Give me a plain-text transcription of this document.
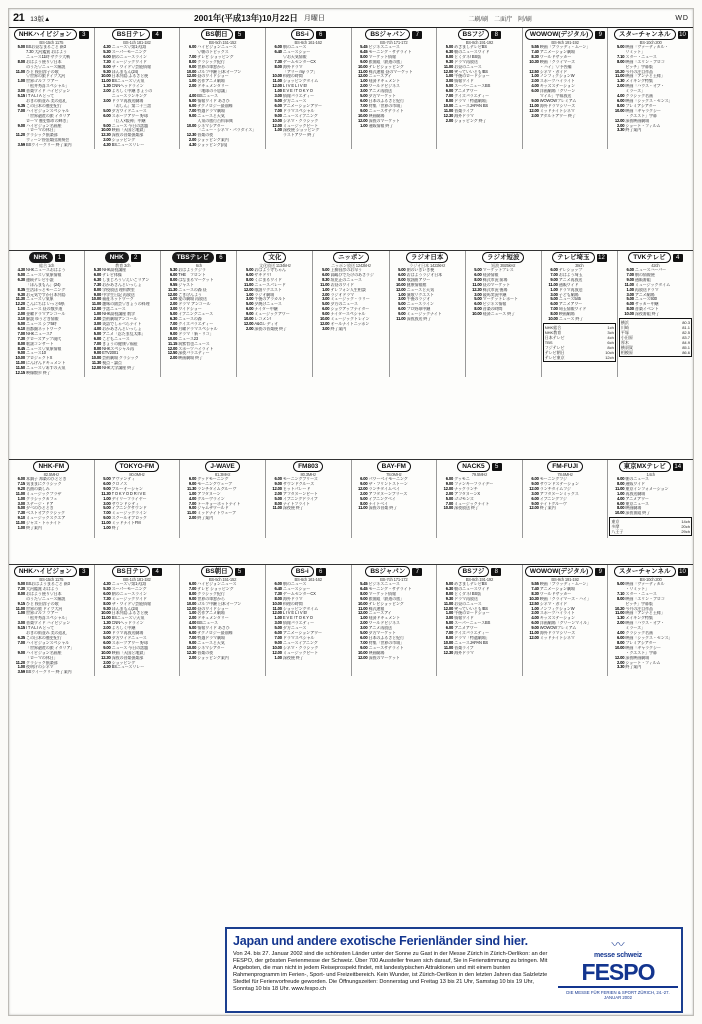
21 13版▲	2001年(平成13年)10月22日 月曜日	二刷/刷 二面庁 阿/刷	WD
NHKハイビジョン	3
BS-15ch 1175
5.00 BSお昼なまるごと 新3
7.30 大河鑑賞 おはよう
ニュース11時 サクラ大戦
8.00 おはよう便り▽日本
のうた▽ニュース解説
11.00 ひと 桜田淳子の歌
▽世界の旅ドイツ大河
1.00 世界ゴルフ ツアー
「松井秀喜スペシャル」
3.00 音楽ワイド ハイビジョン
5.15 I T A L I A とって
おきの街並み 美の巡礼
6.35 この日本の歴史紀行
7.00 ハイビジョンスペシャル
「世界遺産の旅 イタリア
ローマ 歴史都市の輝き」
9.00 ハイビジョン名画座
「ローマの休日」
11.20 クラシック倶楽部
ウィーン管弦楽団演奏会
3.59 BSウイークリー 終了案内
BS日テレ	4
BS-1ch 181-182
4.30 ニュース▽第1火(3)
5.30 スーパーモーニング
6.00 朝のニュースライン
7.30 ミュージックワイド
8.00 ザ・ワイド▽芸能情報
9.30 ほんまもん(24)
10.00 日本列島 ふるさと便
11.00 BSニュース▽天気
1.30 CNNヘッドライン
2.00 よろしく中継 きょうの
ニュースランキング
3.00 ドラマ再放送劇場
「おしん」第二十三話
5.00 夕方ワイドニュース
6.00 スポーツアワー 野球
「巨人×阪神」中継
9.00 ニュース 今日の話題
10.00 映画「天国と地獄」
12.30 深夜の音楽倶楽部
2.00 ショッピング
4.30 BSニュースリレー
BS朝日	5
BS-5ch 151-152
6.00 ハイビジョンニュース
▽朝のトピックス
7.00 テレビ ショッピング
8.00 クラシック紀行
9.00 世界の車窓から
10.00 ゴルフ中継 日本オープン
12.00 昼のワイドショー
1.00 名作アニメ劇場
2.00 ドキュメンタリー
「地球の不思議」
4.00 BSニュース
5.00 情報ワイド あさひ
6.00 テクノロジー最前線
7.00 特選ドラマ劇場
9.00 ニュースと天気
人気の旅行百科事典
10.00 シネマシアター
「ニュー・シネマ・パラダイス」
12.30 音楽の夜
2.00 ショッピング案内
4.30 ショッピング(再)
BS-i	6
BS-6ch 161-162
6.00 朝のニュース
6.40 ニュースショー
▽お天気情報
7.30 ゲームセンターCX
8.00 海外ドラマ
「アリー my ラブ」
10.00 料理の時間
11.00 ショッピングタイム
12.00 L I V E L I V E!
1.00 E V E ! T O K Y O
3.00 情報バラエティー
5.00 夕方ニュース
6.00 アニメーションアワー
7.00 ドラマスペシャル
9.00 ニュースイブニング
10.00 シネマ・クラシック
12.00 ミュージックビート
1.00 深夜便 ショッピング
ラストアワー 終了
BSジャパン	7
BS-7ch 171-172
5.45 ビジネスニュース
6.45 モーニング・サテライト
8.00 マーケット情報
9.00 旅番組「鉄道の旅」
10.00 テレビショッピング
11.00 株式速報 昼のマーケット
12.00 ニュースアイ
1.00 経済ドキュメント
2.00 ワールドビジネス
3.00 アニメ再放送
5.00 夕方マーケット
6.00 日本のふるさと紀行
7.00 特集「世界の市場」
9.00 ニュースサテライト
10.00 映画劇場
12.00 深夜のマーケット
1.00 通販情報 終了
BSフジ	8
BS-8ch 191-192
5.00 めざましテレビBS
6.30 朝のニュースワイド
8.00 とくダネ! BS版
9.30 ドラマ再放送
11.00 お昼のニュース
12.00 笑っていいとも!BS
1.00 午後のロードショー
3.00 情報ワイド
5.00 スーパーニュースBS
6.00 アニメアワー
7.00 クイズバラエティー
8.00 ドラマ「特選劇場」
10.00 ニュースJAPAN BS
11.00 音楽ライブ
12.30 海外ドラマ
2.00 ショッピング 終了
WOWOW(デジタル)	9
BS-9ch 191-192
5.55 映画「ブラッディ・ムーン」
7.40 アニメーション劇場
8.30 ワールドサッカー
10.30 映画「クライマーズ
・ハイ」▽予告編
12.50 シネマ・ガイド
1.00 ノンフィクションW
2.00 スポーツハイライト
4.00 キッズステーション
6.00 洋画劇場「グリーン
マイル」字幕放送
9.00 WOWOWプレミアム
11.00 海外ドラマシリーズ
12.00 ミッドナイトシネマ
2.00 アダルトアワー 終了
スターチャンネル	10
BS-10ch 200
5.00 映画「ヴァーティカル・
リミット」
7.10 スター・ニュース
8.00 映画「エリン・ブロコ
ビッチ」字幕版
10.20 今月の注目作品
11.00 映画「アンナと王様」
1.30 メイキング特集
2.00 映画「ハウス・オブ・
ミラーズ」
4.00 クラシック名画
6.00 映画「シックス・センス」
8.00 プレミアシアター
10.00 映画「ギャラクシー
・クエスト」字幕
12.00 深夜映画劇場
2.00 ショート・フィルム
3.30 終了案内
NHK	1
総合 1ch
4.30 NHKニュースおはよう
5.00 ニュース▽気象情報
6.30 連続テレビ小説
「ほんまもん」(24)
8.35 生活ほっとモーニング
9.30 お元気ですか日本列島
11.30 ニュース▽気象
12.20 こんにちは いっと6県
1.00 ニュース 昼の散歩道
2.00 金曜ドラマアンコール
3.10 解説 ゆうどき情報
5.00 ニュース シブ5時
6.10 首都圏ネットワーク
7.00 NHKニュース7
7.30 クローズアップ現代
8.00 歌謡コンサート
8.45 ニュース▽気象情報
9.00 ニュース10
10.00 プロジェクトX
11.00 にんげんドキュメント
11.50 ニュース▽あすの天気
12.15 映像散歩 終了
NHK	2
教育 3ch
5.30 NHK高校講座
6.00 テレビ体操
6.30 しまじろう▽えいごリアン
7.30 おかあさんといっしょ
8.00 学校放送 理科教室
9.00 中学生日記 再放送
10.00 福祉ネットワーク
11.00 趣味の園芸▽きょうの料理
12.00 手話ニュース
1.00 NHK高校講座 数学
2.00 芸術劇場アンコール
3.00 英語でしゃべらナイト
4.00 おかあさんといっしょ
5.00 アニメ「忍たま乱太郎」
6.00 こどもニュース
7.00 きょうの健康▽福祉
8.00 NHKスペシャル再
9.00 ETV2001
10.00 芸術劇場 クラシック
11.30 視点・論点
12.00 NHK大学講座 終了
TBSテレビ	6
6ch
5.30 おはようクジラ
6.00 THE　フロント
8.00 はなまるマーケット
9.55 ジャスト
11.30 ニュースの森 昼
12.00 ごきげんよう
1.00 愛の劇場 再放送
2.00 ドラマ アンコール
3.00 ワイドショー
5.00 イブニングニュース
6.30 ニュースの森
7.00 クイズバラエティー
8.00 月曜ドラマスペシャル
9.00 ドラマ「新・リコ」
10.00 ニュース23
11.15 筑紫哲也ニュース
12.00 スポーツハイライト
12.50 深夜バラエティー
2.00 映画劇場 終了
文化
文化放送 1134kHz
5.00 おはよう寺ちゃん
6.00 サキドリ!
8.00 くにまるワイド
11.00 ニュースパレード
12.00 歌謡リクエスト
1.00 ラジオ劇場
3.00 午後のアラカルト
5.00 夕焼けニュース
6.00 ナイター中継
9.00 ミュージックアワー
10.00 レコメン!
12.00 A&Gレディオ
2.00 深夜の音楽便 終了
ニッポン
ニッポン放送 1242kHz
5.00 上柳昌彦のお早う
6.00 高嶋ひでたけのあさラジ
8.30 垣花正のニュース
11.00 お昼のワイド
1.00 テレフォン人生相談
2.00 ラジオドラマ
3.00 ミュージック・ラリー
5.00 夕方のニュース
6.00 ショウアップナイター
9.00 ナイタースペシャル
10.00 ミュージックトレイン
12.00 オールナイトニッポン
3.00 終了案内
ラジオ日本
ラジオ日本 1422kHz
5.00 朝のいきいき便
6.00 おはようラジオ日本
8.00 歌謡曲アワー
10.00 健康情報館
12.00 ニュースと天気
1.00 演歌リクエスト
3.00 午後のラジオ
5.00 ニュースライン
6.00 プロ野球中継
9.00 ミュージックナイト
11.00 深夜放送 終了
ラジオ短波
短波 3925kHz
5.00 マーケットプレス
6.00 経済情報
8.00 株式市況 前場
11.00 昼のマーケット
12.30 株式市況 後場
3.00 競馬実況中継
5.00 マーケットレポート
6.00 ビジネス情報
8.00 音楽の時間
10.00 経済ニュース 終了
テレビ埼玉	12
38ch
6.00 テレショップ
7.00 おはよう埼玉
9.00 アニメ再放送
11.00 通販ワイド
1.00 ドラマ再放送
3.00 子ども劇場
5.00 ニュース545
6.00 アニメアワー
7.00 埼玉情報ワイド
8.00 映画劇場
10.00 ニュース 終了
NHK総合	1ch
NHK教育	3ch
日本テレビ	4ch
TBS	6ch
フジテレビ	8ch
テレビ朝日	10ch
テレビ東京	12ch
TVKテレビ	4
42ch
6.00 ニュースハーバー
7.00 朝の情報便
9.00 通販番組
11.00 ミュージックタイム
1.00 再放送ドラマ
3.00 アニメ劇場
5.00 ニュース930
6.00 サッカー中継
8.00 音楽イベント
10.00 深夜番組 終了
横浜	80.3
川崎	81.1
平塚	82.5
小田原	83.7
厚木	84.9
横須賀	85.1
相模原	86.6
NHK-FM
82.5MHz
6.00 本調子 邦楽のひととき
7.15 気ままにクラシック
9.20 名曲の楽しみ
11.00 ミュージックプラザ
1.00 クラシックカフェ
3.00 ステージ・ドア
5.00 夕べのひととき
7.30 ベストオブクラシック
9.10 ミュージックスクエア
11.00 ジャズ・トゥナイト
1.00 終了案内
TOKYO-FM
80.0MHz
5.00 アヴァンティ
6.00 クロノス
9.00 ブルーオーシャン
11.30 T O K Y O D R I V E
1.00 デイリーフライヤー
3.00 サウンドシティ
5.00 イブニングサウンド
7.00 ミュージックライン
9.00 スクールオブロック
11.00 ミッドナイトFM
1.00 終了
J-WAVE
81.3MHz
6.00 グッドモーニング
9.00 モーニングウェーブ
11.30 ランチタイムグルーヴ
1.00 アフタヌーン
4.00 グルーヴライン
7.00 トーキョーホットナイト
9.00 ジャムザワールド
11.00 ミッドナイトウェーブ
2.00 終了案内
FM803
80.3MHz
6.00 モーニングブリーズ
9.00 サウンドクルーズ
12.00 ヒットパレード
2.00 アフタヌーンビート
5.00 イブニングドライブ
8.00 ナイトフライト
11.00 深夜便 終了
BAY-FM
78.0MHz
6.00 パワーベイモーニング
9.00 ザ・フリントストーン
12.00 ランチタイムベイ
2.00 アフタヌーンブリーズ
5.00 イブニングベイ
8.00 ナイトベイ
11.00 深夜の音楽 終了
NACK5	5
79.5MHz
6.00 グッモニ
9.00 ファンキーフライデー
12.00 ナックランチ
2.00 アフタヌーンX
5.00 ゴゴモンズ
7.00 ミュージックナイト
10.00 深夜放送 終了
FM-FUJI
78.6MHz
6.00 モーニングフジ
9.00 サウンドステーション
12.00 ランチタイムフジ
3.00 アフタヌーンミックス
6.00 イブニングフジ
9.00 ナイトグルーヴ
12.00 終了案内
東京MXテレビ	14
14ch
6.00 朝のニュース
8.00 通販ワイド
11.00 東京インフォメーション
1.00 再放送劇場
4.00 アニメアワー
6.00 東京ニュース
8.00 映画劇場
10.00 深夜番組 終了
東京	14ch
多摩	20ch
八王子	29ch
NHKハイビジョン	3
BS-15ch 1175
5.00 BSおはようまるごと 新3
7.30 大河鑑賞 おはよう
8.00 おはよう便り▽日本
のうた▽ニュース解説
9.15 ひと 桜田淳子の歌
11.00 世界の旅 ドイツ大河
1.00 世界ゴルフ ツアー
「松井秀喜スペシャル」
3.00 音楽ワイド ハイビジョン
5.15 I T A L I A とって
おきの街並み 美の巡礼
6.35 この日本の歴史紀行
7.00 ハイビジョンスペシャル
「世界遺産の旅 イタリア」
9.00 ハイビジョン名画座
「ローマの休日」
11.20 クラシック倶楽部
1.00 夜明けのシネマ
3.59 BSウイークリー 終了案内
BS日テレ	4
BS-1ch 181-182
4.30 ニュース▽第1火(3)
5.30 スーパーモーニング
6.00 朝のニュースライン
7.30 ミュージックワイド
8.00 ザ・ワイド▽芸能情報
9.30 ほんまもん(24)
10.00 日本列島 ふるさと便
11.00 BSニュース▽天気
1.30 CNNヘッドライン
2.00 よろしく中継
3.00 ドラマ再放送劇場
5.00 夕方ワイドニュース
6.00 スポーツアワー 野球
9.00 ニュース 今日の話題
10.00 映画「天国と地獄」
12.30 深夜の音楽倶楽部
2.00 ショッピング
4.30 BSニュースリレー
BS朝日	5
BS-5ch 151-152
6.00 ハイビジョンニュース
7.00 テレビ ショッピング
8.00 クラシック紀行
9.00 世界の車窓から
10.00 ゴルフ中継 日本オープン
12.00 昼のワイドショー
1.00 名作アニメ劇場
2.00 ドキュメンタリー
4.00 BSニュース
5.00 情報ワイド あさひ
6.00 テクノロジー最前線
7.00 特選ドラマ劇場
9.00 ニュースと天気
10.00 シネマシアター
12.30 音楽の夜
2.00 ショッピング案内
BS-i	6
BS-6ch 161-162
6.00 朝のニュース
6.40 ニュースショー
7.30 ゲームセンターCX
8.00 海外ドラマ
10.00 料理の時間
11.00 ショッピングタイム
12.00 L I V E L I V E!
1.00 E V E ! T O K Y O
3.00 情報バラエティー
5.00 夕方ニュース
6.00 アニメーションアワー
7.00 ドラマスペシャル
9.00 ニュースイブニング
10.00 シネマ・クラシック
12.00 ミュージックビート
1.00 深夜便 終了
BSジャパン	7
BS-7ch 171-172
5.45 ビジネスニュース
6.45 モーニング・サテライト
8.00 マーケット情報
9.00 旅番組「鉄道の旅」
10.00 テレビショッピング
11.00 株式速報
12.00 ニュースアイ
1.00 経済ドキュメント
2.00 ワールドビジネス
3.00 アニメ再放送
5.00 夕方マーケット
6.00 日本のふるさと紀行
7.00 特集「世界の市場」
9.00 ニュースサテライト
10.00 映画劇場
12.00 深夜のマーケット
BSフジ	8
BS-8ch 191-192
5.00 めざましテレビBS
6.30 朝のニュースワイド
8.00 とくダネ! BS版
9.30 ドラマ再放送
11.00 お昼のニュース
12.00 笑っていいとも!BS
1.00 午後のロードショー
3.00 情報ワイド
5.00 スーパーニュースBS
6.00 アニメアワー
7.00 クイズバラエティー
8.00 ドラマ「特選劇場」
10.00 ニュースJAPAN BS
11.00 音楽ライブ
12.30 海外ドラマ
WOWOW(デジタル)	9
BS-9ch 191-192
5.55 映画「ブラッディ・ムーン」
7.40 アニメーション劇場
8.30 ワールドサッカー
10.30 映画「クライマーズ・ハイ」
12.50 シネマ・ガイド
1.00 ノンフィクションW
2.00 スポーツハイライト
4.00 キッズステーション
6.00 洋画劇場「グリーンマイル」
9.00 WOWOWプレミアム
11.00 海外ドラマシリーズ
12.00 ミッドナイトシネマ
スターチャンネル	10
BS-10ch 200
5.00 映画「ヴァーティカル
・リミット」
7.10 スター・ニュース
8.00 映画「エリン・ブロコ
ビッチ」字幕版
10.20 今月の注目作品
11.00 映画「アンナと王様」
1.30 メイキング特集
2.00 映画「ハウス・オブ・
ミラーズ」
4.00 クラシック名画
6.00 映画「シックス・センス」
8.00 プレミアシアター
10.00 映画「ギャラクシー
・クエスト」字幕
12.00 深夜映画劇場
2.00 ショート・フィルム
3.30 終了案内
Japan und andere exotische Ferienländer sind hier.
Von 24. bis 27. Januar 2002 sind die schönsten Länder unter der Sonne zu Gast in der Messe Zürich in Zürich-Oerlikon: an der FESPO, der grössten Ferienmesse der Schweiz. Über 700 Aussteller freuen sich darauf, Sie in Ferienstimmung zu bringen. Mit Angeboten, die man nicht in jedem Reiseprospekt findet, mit landestypischen Attraktionen und mit einem bunten Rahmenprogramm im Ferien-, Sport- und Freizeitbereich. Kein Wunder, ist Zürich-Oerlikon in den letzten Jahren das Salzletzte Stedtel für Ferienvorfreude geworden. Die Öffnungszeiten: Donnerstag und Freitag 13 bis 21 Uhr, Samstag 10 bis 19 Uhr, Sonntag 10 bis 18 Uhr. www.fespo.ch
〰
messe schweiz
FESPO
DIE MESSE FÜR FERIEN & SPORT ZÜRICH, 24.-27. JANUAR 2002
